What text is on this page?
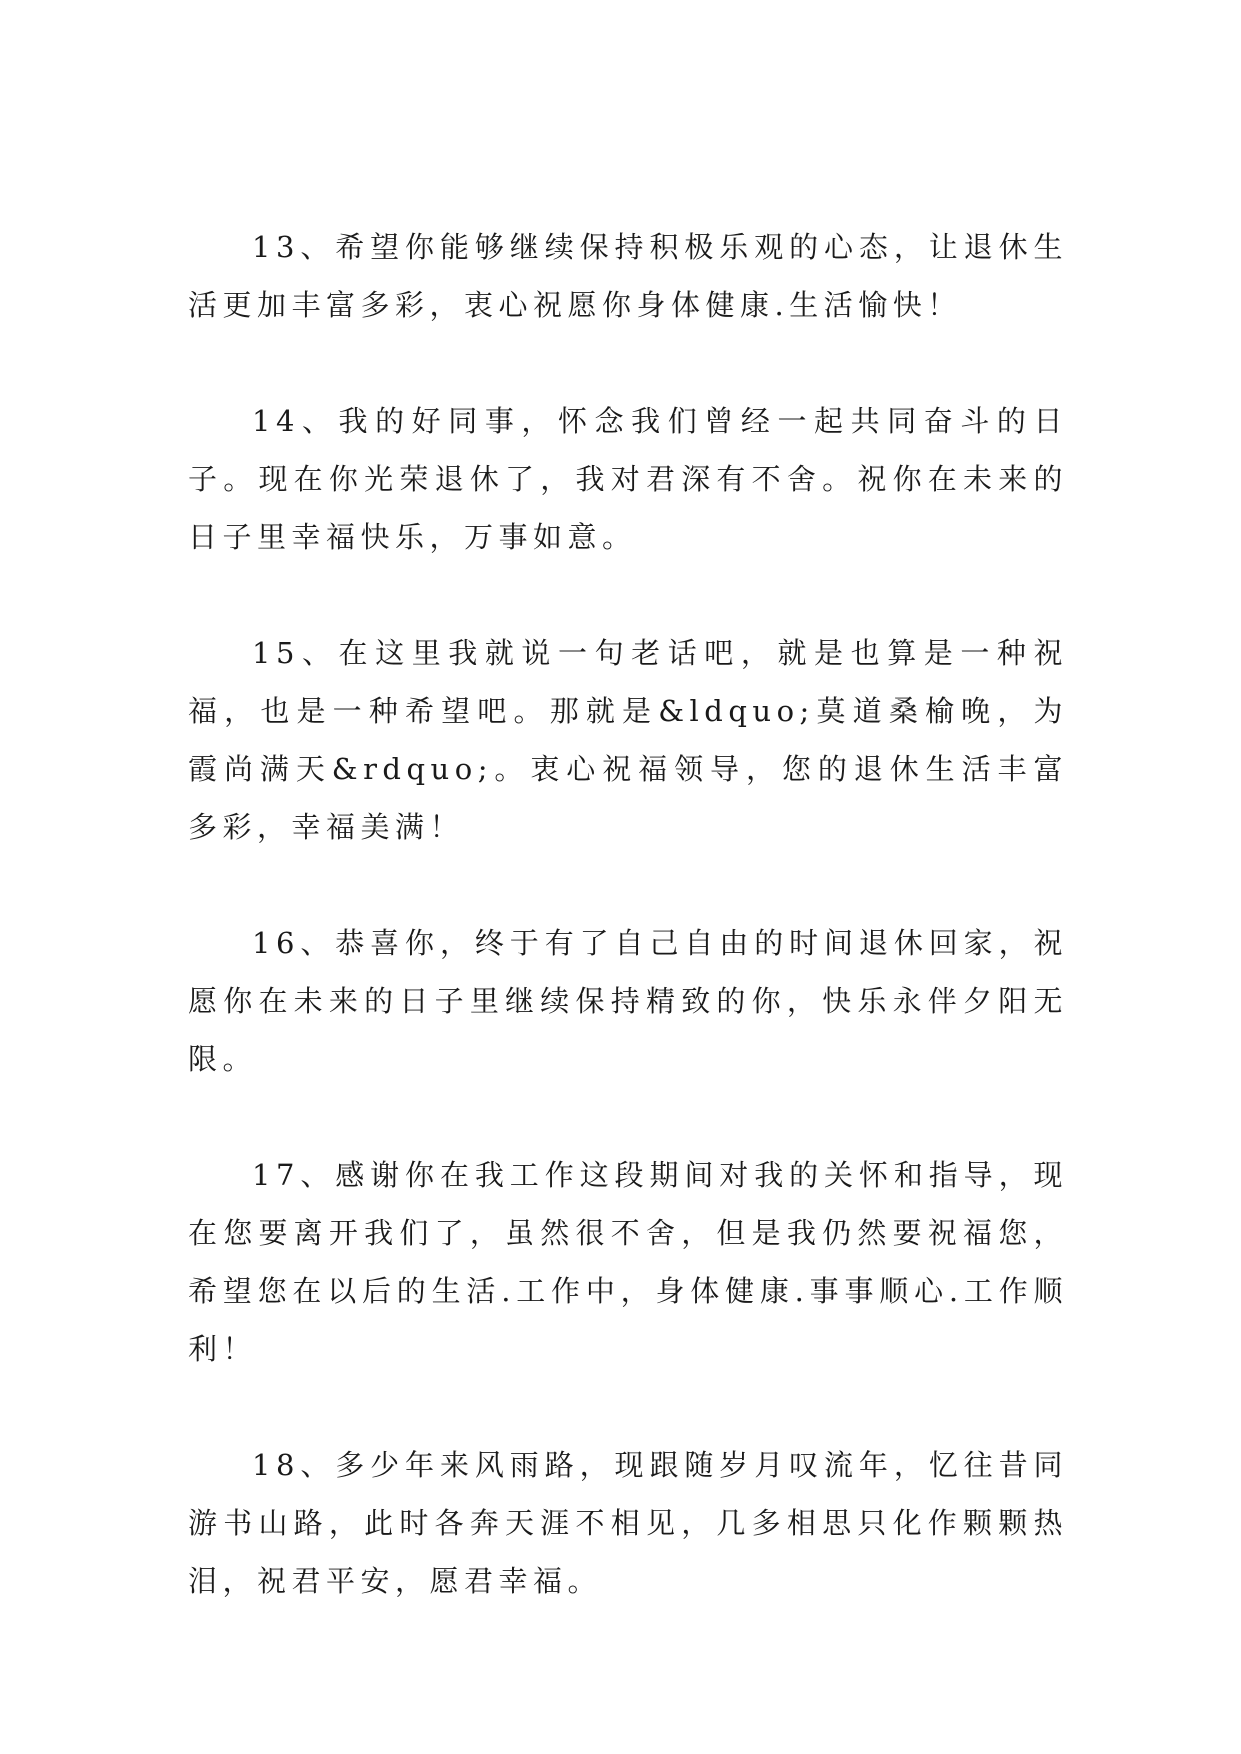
13、希望你能够继续保持积极乐观的心态，让退休生活更加丰富多彩，衷心祝愿你身体健康.生活愉快！

14、我的好同事，怀念我们曾经一起共同奋斗的日子。现在你光荣退休了，我对君深有不舍。祝你在未来的日子里幸福快乐，万事如意。

15、在这里我就说一句老话吧，就是也算是一种祝福，也是一种希望吧。那就是&ldquo;莫道桑榆晚，为霞尚满天&rdquo;。衷心祝福领导，您的退休生活丰富多彩，幸福美满！

16、恭喜你，终于有了自己自由的时间退休回家，祝愿你在未来的日子里继续保持精致的你，快乐永伴夕阳无限。

17、感谢你在我工作这段期间对我的关怀和指导，现在您要离开我们了，虽然很不舍，但是我仍然要祝福您，希望您在以后的生活.工作中，身体健康.事事顺心.工作顺利！

18、多少年来风雨路，现跟随岁月叹流年，忆往昔同游书山路，此时各奔天涯不相见，几多相思只化作颗颗热泪，祝君平安，愿君幸福。
